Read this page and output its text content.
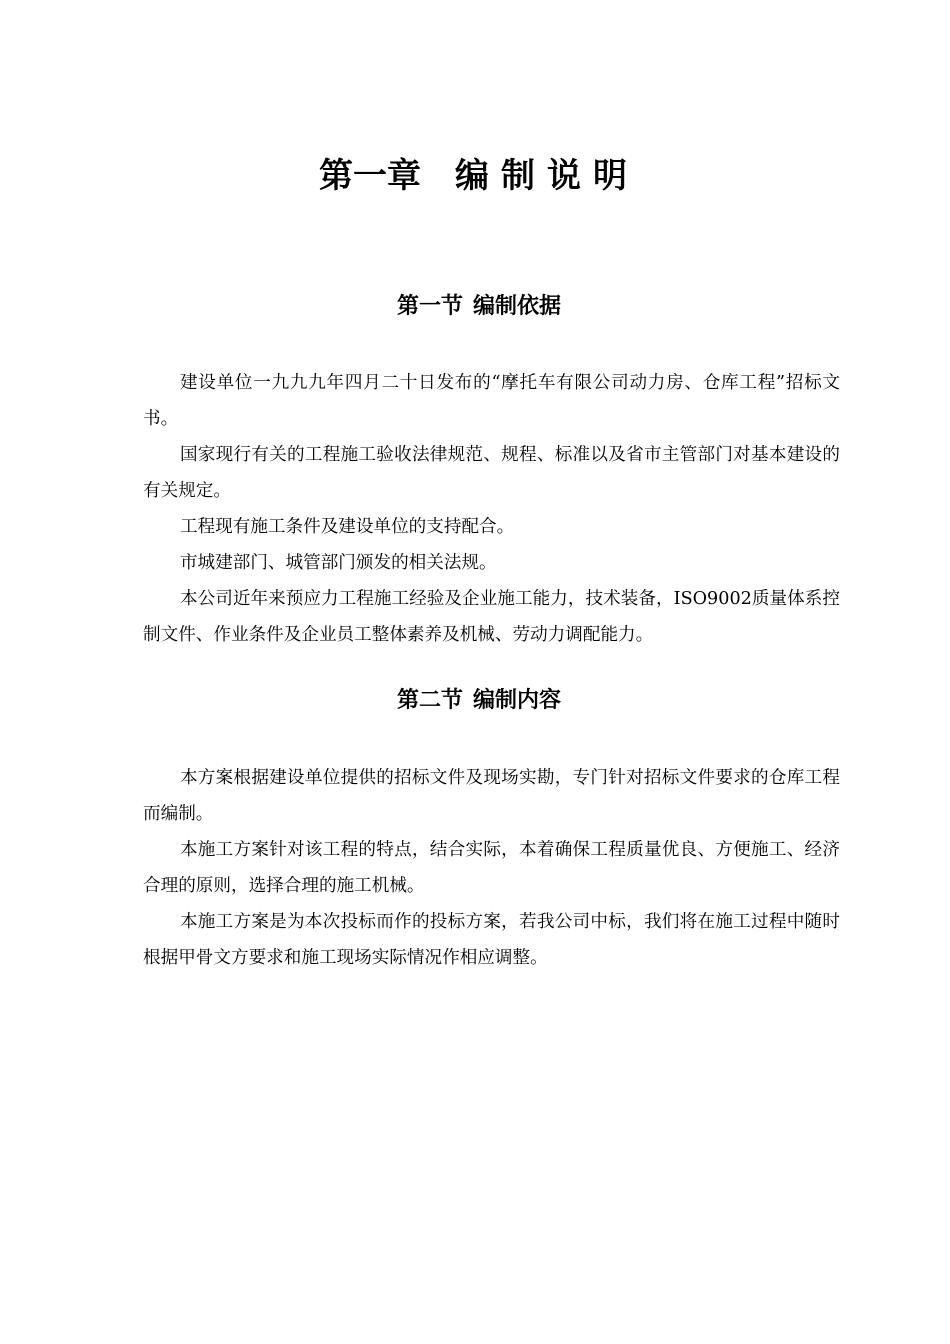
第一章 编制说明
第一节 编制依据

建设单位一九九九年四月二十日发布的“摩托车有限公司动力房、仓库工程”招标文书。

国家现行有关的工程施工验收法律规范、规程、标准以及省市主管部门对基本建设的有关规定。

工程现有施工条件及建设单位的支持配合。

市城建部门、城管部门颁发的相关法规。

本公司近年来预应力工程施工经验及企业施工能力，技术装备，ISO9002质量体系控制文件、作业条件及企业员工整体素养及机械、劳动力调配能力。

第二节 编制内容

本方案根据建设单位提供的招标文件及现场实勘，专门针对招标文件要求的仓库工程而编制。

本施工方案针对该工程的特点，结合实际，本着确保工程质量优良、方便施工、经济合理的原则，选择合理的施工机械。

本施工方案是为本次投标而作的投标方案，若我公司中标，我们将在施工过程中随时根据甲骨文方要求和施工现场实际情况作相应调整。
